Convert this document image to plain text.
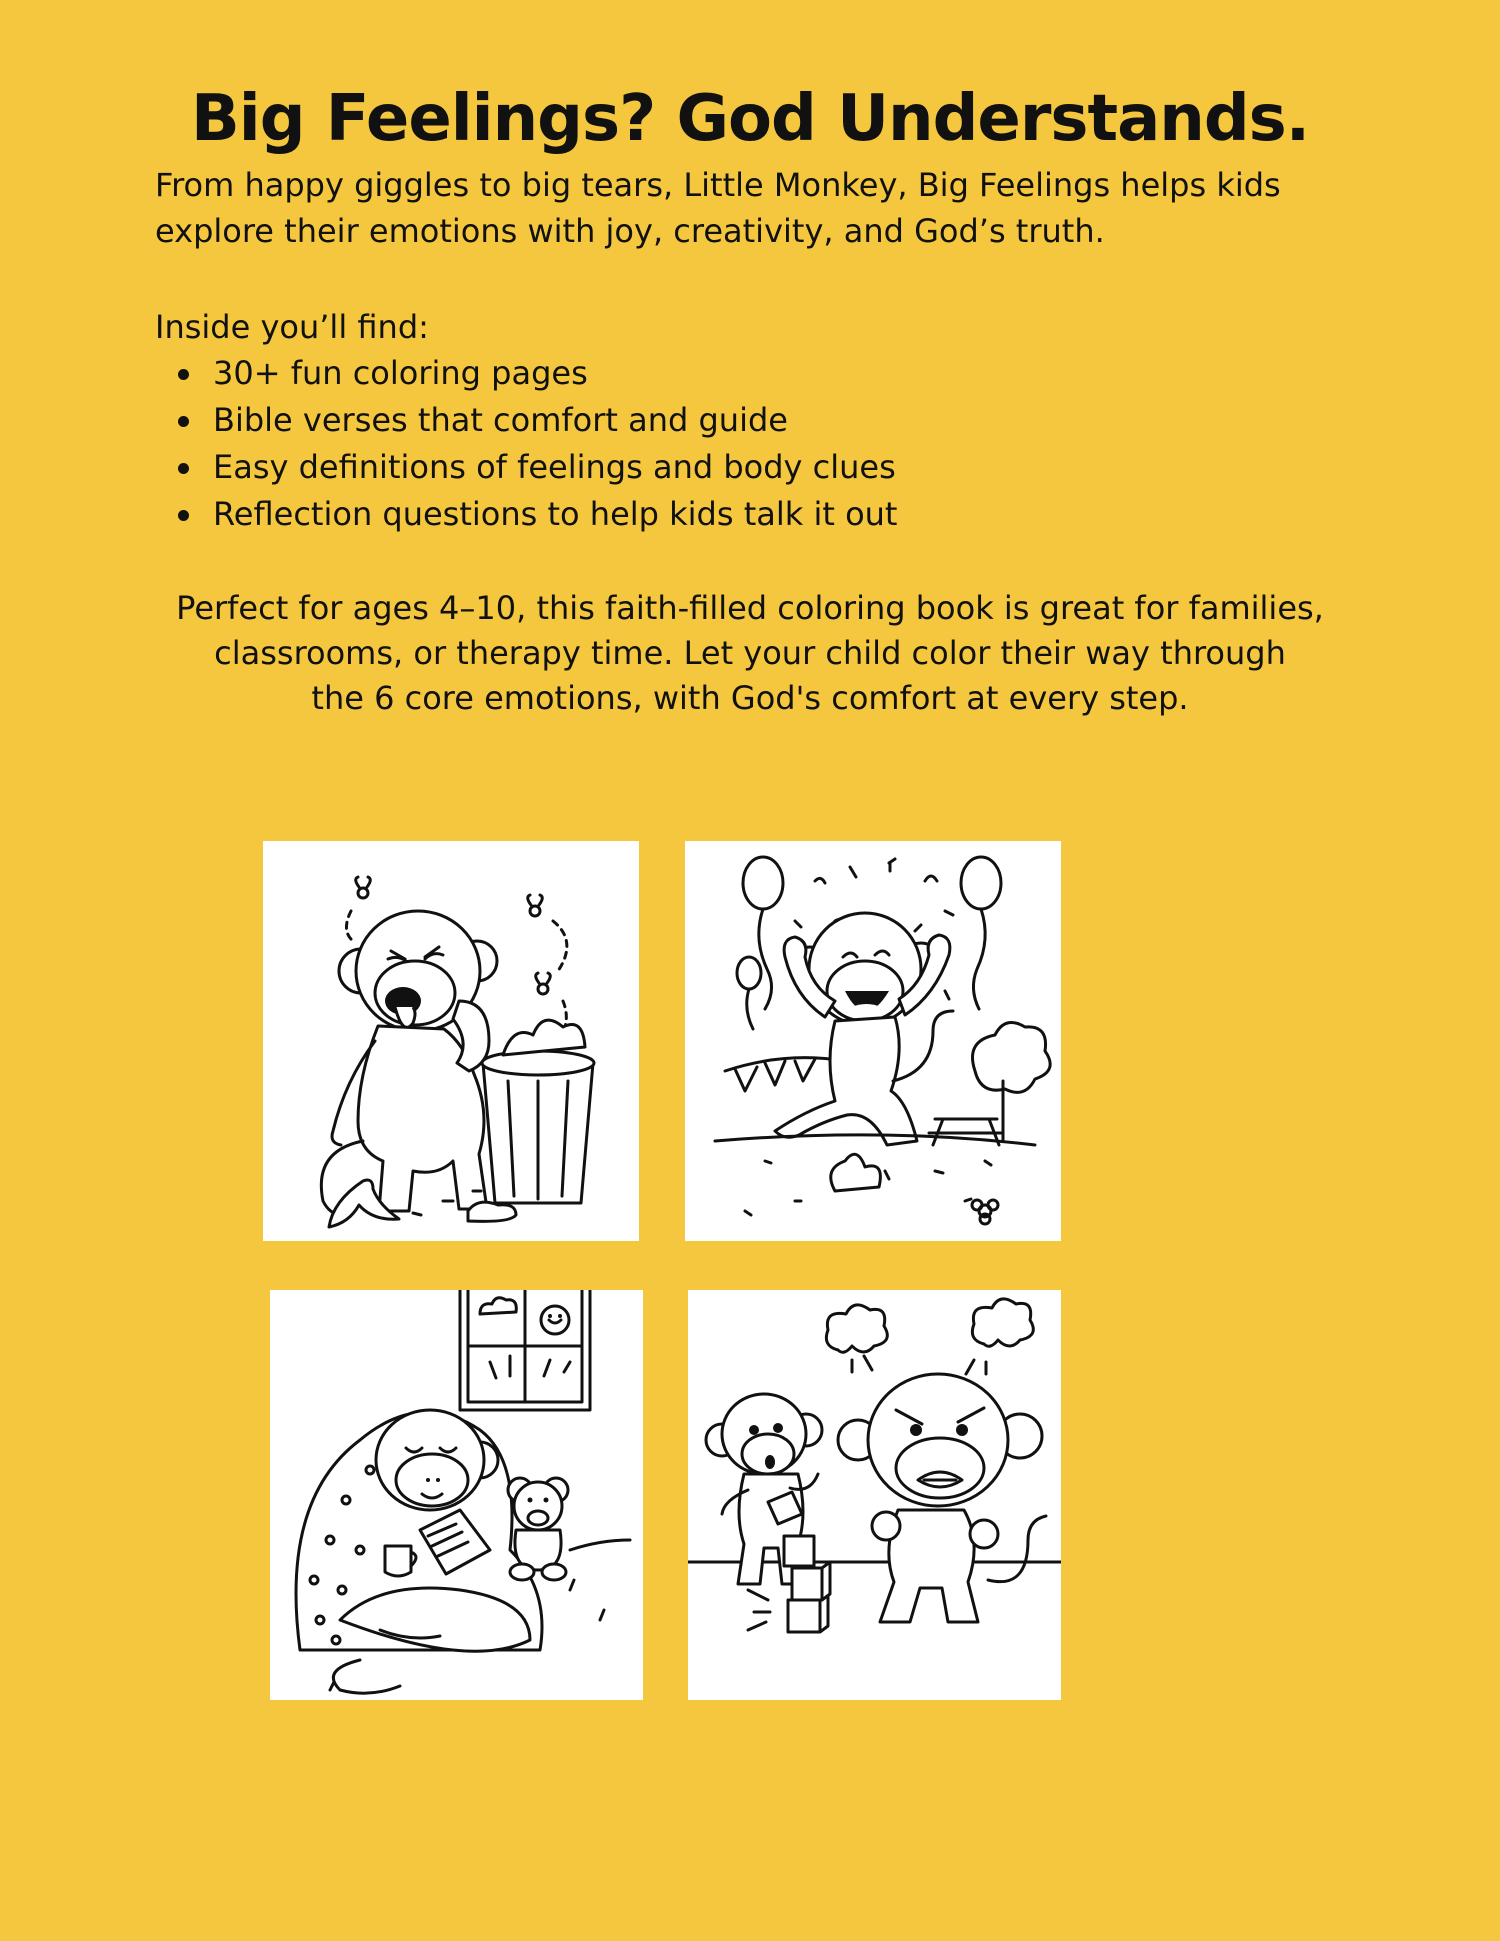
Big Feelings? God Understands.

From happy giggles to big tears, Little Monkey, Big Feelings helps kids
explore their emotions with joy, creativity, and God’s truth.

Inside you’ll find:

30+ fun coloring pages
Bible verses that comfort and guide
Easy definitions of feelings and body clues
Reflection questions to help kids talk it out

Perfect for ages 4–10, this faith-filled coloring book is great for families,
classrooms, or therapy time. Let your child color their way through
the 6 core emotions, with God's comfort at every step.
